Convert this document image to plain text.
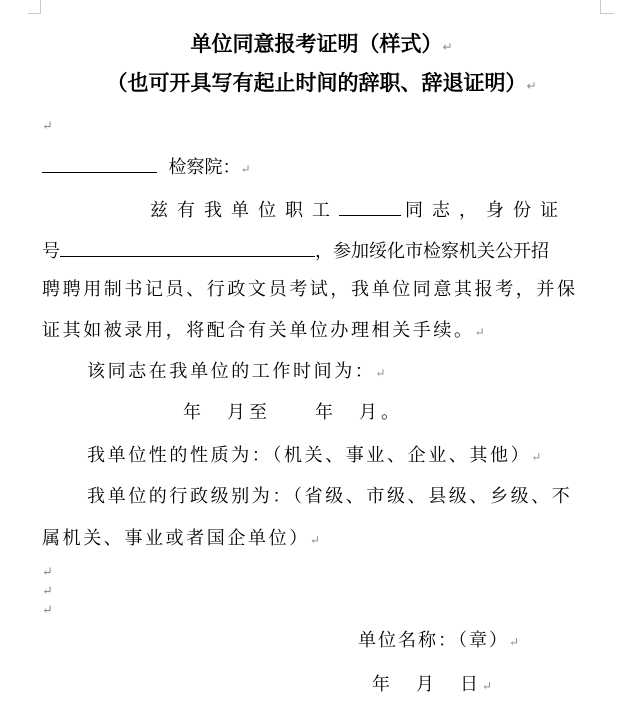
单位同意报考证明（样式）↵
（也可开具写有起止时间的辞职、辞退证明）↵
↵
检察院：↵
兹有我单位职工	同志，身份证
号	，参加绥化市检察机关公开招
聘聘用制书记员、行政文员考试，我单位同意其报考，并保
证其如被录用，将配合有关单位办理相关手续。↵
该同志在我单位的工作时间为：↵
年　月至　　年　月。
我单位性的性质为：（机关、事业、企业、其他）↵
我单位的行政级别为：（省级、市级、县级、乡级、不
属机关、事业或者国企单位）↵
↵
↵
↵
单位名称：（章）↵
年　月　日↵
